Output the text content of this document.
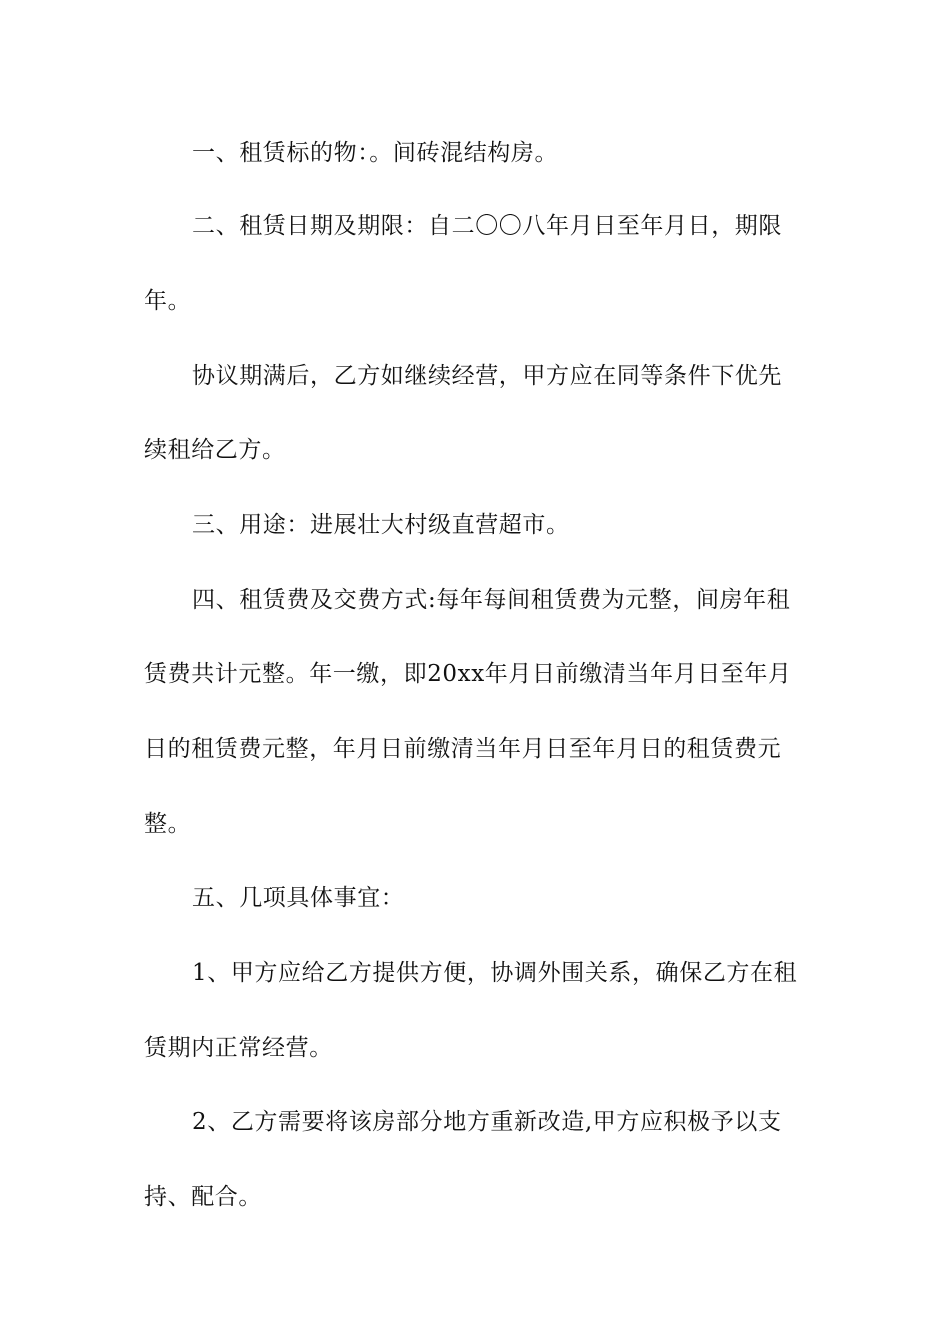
一、租赁标的物：。间砖混结构房。

二、租赁日期及期限：自二〇〇八年月日至年月日，期限

年。

协议期满后，乙方如继续经营，甲方应在同等条件下优先

续租给乙方。

三、用途：进展壮大村级直营超市。

四、租赁费及交费方式:每年每间租赁费为元整，间房年租

赁费共计元整。年一缴，即20xx年月日前缴清当年月日至年月

日的租赁费元整，年月日前缴清当年月日至年月日的租赁费元

整。

五、几项具体事宜：

1、甲方应给乙方提供方便，协调外围关系，确保乙方在租

赁期内正常经营。

2、乙方需要将该房部分地方重新改造,甲方应积极予以支

持、配合。
